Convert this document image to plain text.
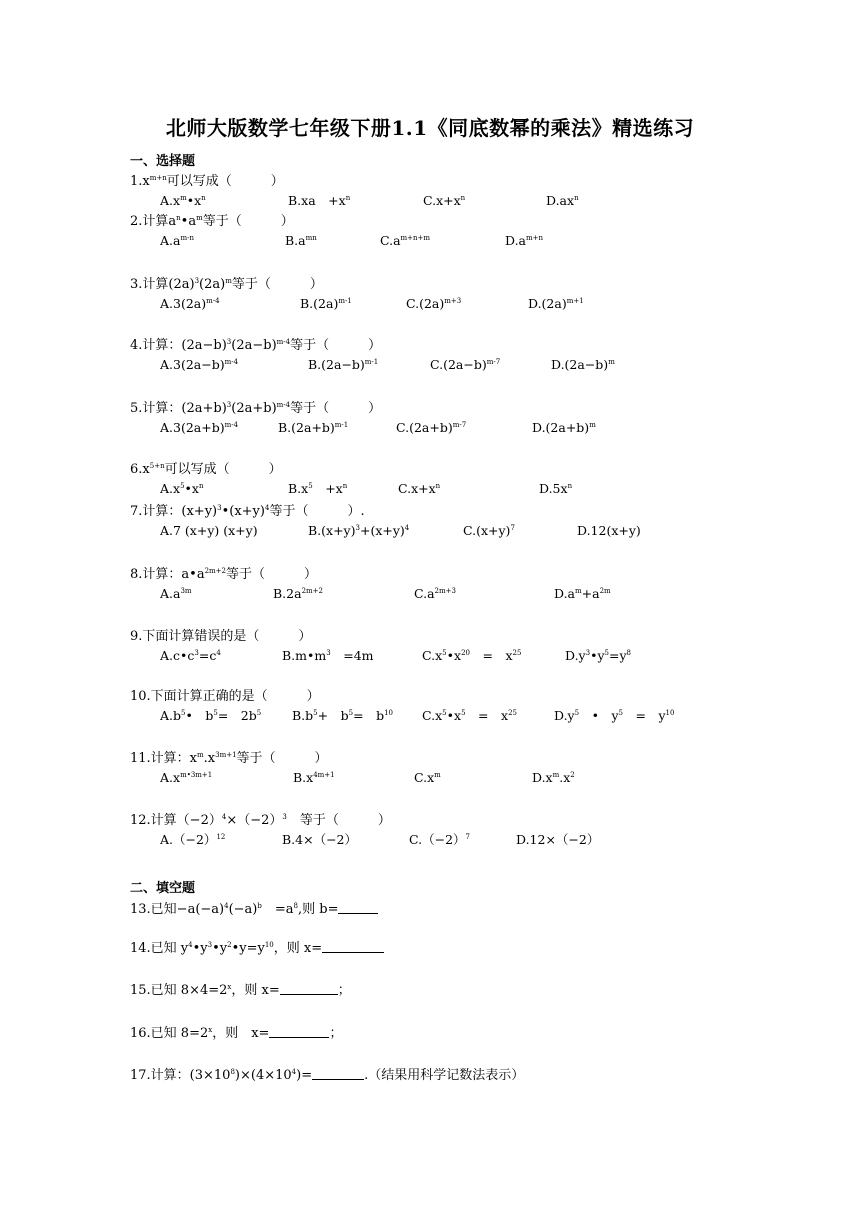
北师大版数学七年级下册1.1《同底数幂的乘法》精选练习
一、选择题
$1.x^{m+n}$可以写成（　　　）
$A.x^m•x^n$	B.xa　$+x^n$	$C.x+x^n$	$D.ax^n$
2.计算$a^n•a^m$等于（　　　）
$A.a^{m-n}$	$B.a^{mn}$	$C.a^{m+n+m}$	$D.a^{m+n}$
3.计算$(2a)^3(2a)^m$等于（　　　）
$A.3(2a)^{m-4}$	$B.(2a)^{m-1}$	$C.(2a)^{m+3}$	$D.(2a)^{m+1}$
4.计算：$(2a-b)^3(2a-b)^{m-4}$等于（　　　）
$A.3(2a-b)^{m-4}$	$B.(2a-b)^{m-1}$	$C.(2a-b)^{m-7}$	$D.(2a-b)^m$
5.计算：$(2a+b)^3(2a+b)^{m-4}$等于（　　　）
$A.3(2a+b)^{m-4}$	$B.(2a+b)^{m-1}$	$C.(2a+b)^{m-7}$	$D.(2a+b)^m$
$6.x^{5+n}$可以写成（　　　）
$A.x^5•x^n$	$B.x^5$　$+x^n$	$C.x+x^n$	$D.5x^n$
7.计算：$(x+y)^3•(x+y)^4$等于（　　　）.
A.7 (x+y) (x+y)	$B.(x+y)^3+(x+y)^4$	$C.(x+y)^7$	D.12(x+y)
8.计算：$a•a^{2m+2}$等于（　　　）
$A.a^{3m}$	$B.2a^{2m+2}$	$C.a^{2m+3}$	$D.a^m+a^{2m}$
9.下面计算错误的是（　　　）
$A.c•c^3=c^4$	$B.m•m^3$　=4m	$C.x^5•x^{20}$　=　$x^{25}$	$D.y^3•y^5=y^8$
10.下面计算正确的是（　　　）
$A.b^5•$　$b^5=$　$2b^5$ $B.b^5+$　$b^5=$　$b^{10}$ $C.x^5•x^5$　=　$x^{25}$	$D.y^5$　•　$y^5$　=　$y^{10}$
11.计算：$x^m.x^{3m+1}$等于（　　　）
$A.x^{m•3m+1}$	$B.x^{4m+1}$	$C.x^m$	$D.x^m.x^2$
12.计算$(-2)^4\times(-2)^3$　等于（　　　）
$A.(-2)^{12}$	B.4×（−2）	$C.(-2)^7$	D.12×（−2）
二、填空题
13.已知$-a(-a)^4(-a)^b$　$=a^8$,则 b=
14.已知 $y^4•y^3•y^2•y=y^{10}$，则 x=
15.已知 $8\times 4=2^x$，则 x=	；
16.已知 $8=2^x$，则　x=	；
17.计算：$(3\times 10^8)\times(4\times 10^4)=$	.（结果用科学记数法表示）
